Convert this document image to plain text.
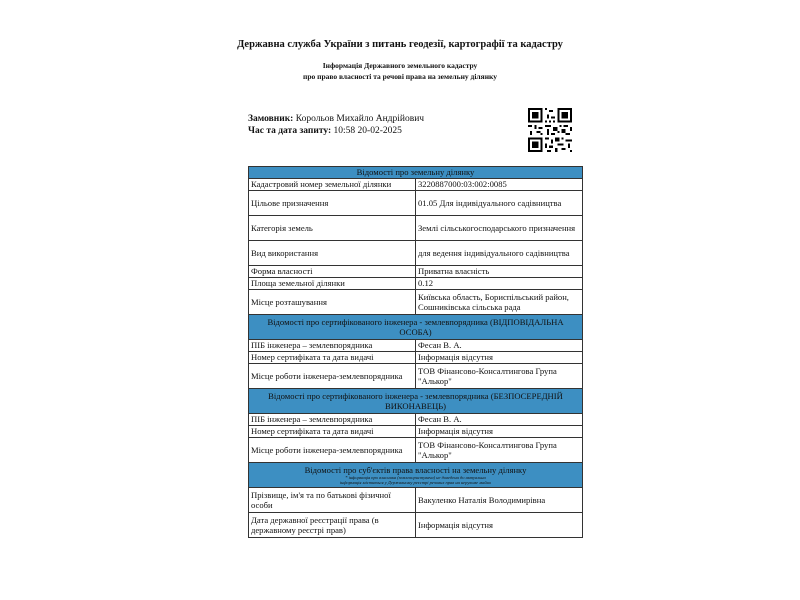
Державна служба України з питань геодезії, картографії та кадастру
Інформація Державного земельного кадастру
про право власності та речові права на земельну ділянку
Замовник: Корольов Михайло Андрійович
Час та дата запиту: 10:58 20-02-2025
Відомості про земельну ділянку	
Кадастровий номер земельної ділянки	3220887000:03:002:0085
Цільове призначення	01.05 Для індивідуального садівництва
Категорія земель	Землі сільськогосподарського призначення
Вид використання	для ведення індивідуального садівництва
Форма власності	Приватна власність
Площа земельної ділянки	0.12
Місце розташування	Київська область, Бориспільський район, Сошниківська сільська рада
Відомості про сертифікованого інженера - землевпорядника (ВІДПОВІДАЛЬНА ОСОБА)	
ПІБ інженера – землевпорядника	Фесан В. А.
Номер сертифіката та дата видачі	Інформація відсутня
Місце роботи інженера-землевпорядника	ТОВ Фінансово-Консалтингова Група "Алькор"
Відомості про сертифікованого інженера - землевпорядника (БЕЗПОСЕРЕДНІЙ ВИКОНАВЕЦЬ)	
ПІБ інженера – землевпорядника	Фесан В. А.
Номер сертифіката та дата видачі	Інформація відсутня
Місце роботи інженера-землевпорядника	ТОВ Фінансово-Консалтингова Група "Алькор"
Відомості про суб'єктів права власності на земельну ділянку
* інформація про власника (землекористувача) не доведена до актуальна
інформація міститься у Державному реєстрі речових прав на нерухоме майно	

Прізвище, ім'я та по батькові фізичної особи	Вакуленко Наталія Володимирівна
Дата державної реєстрації права (в державному реєстрі прав)	Інформація відсутня
